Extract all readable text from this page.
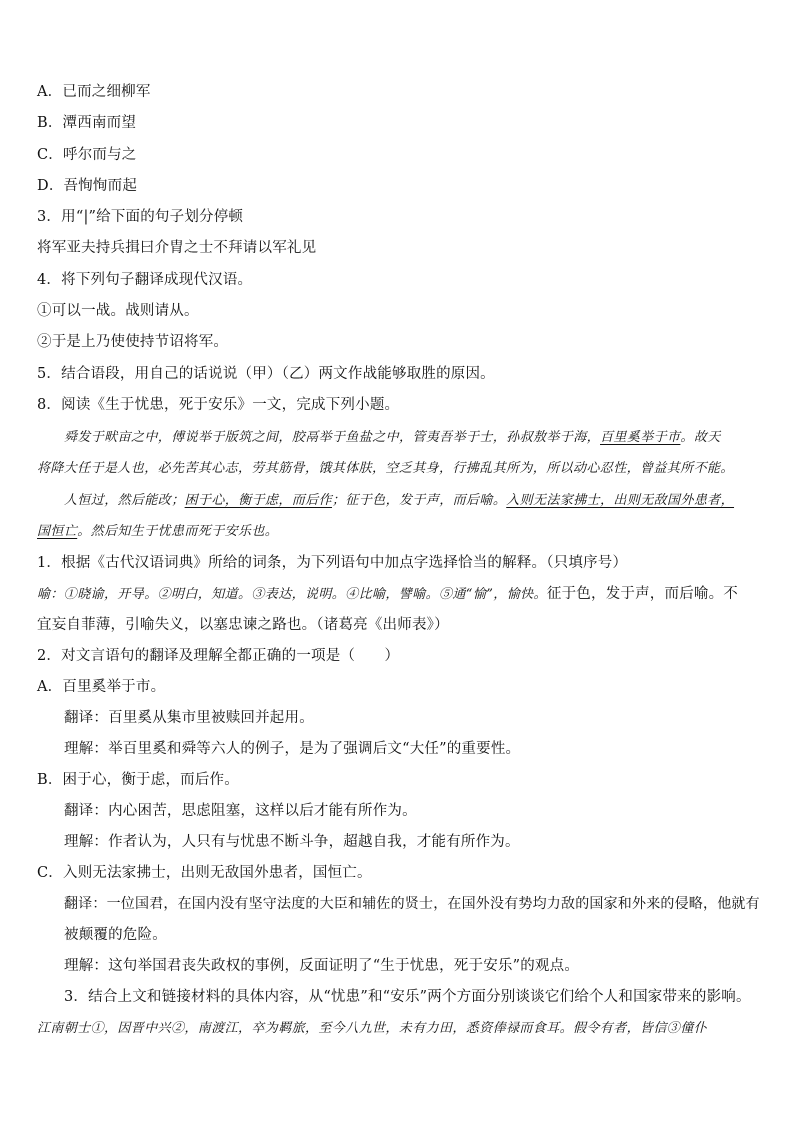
A．已而之细柳军
B．潭西南而望
C．呼尔而与之
D．吾恂恂而起
3．用“|”给下面的句子划分停顿
将军亚夫持兵揖曰介胄之士不拜请以军礼见
4．将下列句子翻译成现代汉语。
①可以一战。战则请从。
②于是上乃使使持节诏将军。
5．结合语段，用自己的话说说（甲）（乙）两文作战能够取胜的原因。
8．阅读《生于忧患，死于安乐》一文，完成下列小题。
舜发于畎亩之中，傅说举于版筑之间，胶鬲举于鱼盐之中，管夷吾举于士，孙叔敖举于海，百里奚举于市。故天
将降大任于是人也，必先苦其心志，劳其筋骨，饿其体肤，空乏其身，行拂乱其所为，所以动心忍性，曾益其所不能。
人恒过，然后能改；困于心，衡于虑，而后作；征于色，发于声，而后喻。入则无法家拂士，出则无敌国外患者，
国恒亡。然后知生于忧患而死于安乐也。
1．根据《古代汉语词典》所给的词条，为下列语句中加点字选择恰当的解释。（只填序号）
喻：①晓谕，开导。②明白，知道。③表达，说明。④比喻，譬喻。⑤通“愉”，愉快。征于色，发于声，而后喻。不
宜妄自菲薄，引喻失义，以塞忠谏之路也。（诸葛亮《出师表》）
2．对文言语句的翻译及理解全都正确的一项是（　　）
A．百里奚举于市。
翻译：百里奚从集市里被赎回并起用。
理解：举百里奚和舜等六人的例子，是为了强调后文“大任”的重要性。
B．困于心，衡于虑，而后作。
翻译：内心困苦，思虑阻塞，这样以后才能有所作为。
理解：作者认为，人只有与忧患不断斗争，超越自我，才能有所作为。
C．入则无法家拂士，出则无敌国外患者，国恒亡。
翻译：一位国君，在国内没有坚守法度的大臣和辅佐的贤士，在国外没有势均力敌的国家和外来的侵略，他就有
被颠覆的危险。
理解：这句举国君丧失政权的事例，反面证明了“生于忧患，死于安乐”的观点。
3．结合上文和链接材料的具体内容，从“忧患”和“安乐”两个方面分别谈谈它们给个人和国家带来的影响。
江南朝士①，因晋中兴②，南渡江，卒为羁旅，至今八九世，未有力田，悉资俸禄而食耳。假令有者，皆信③僮仆
